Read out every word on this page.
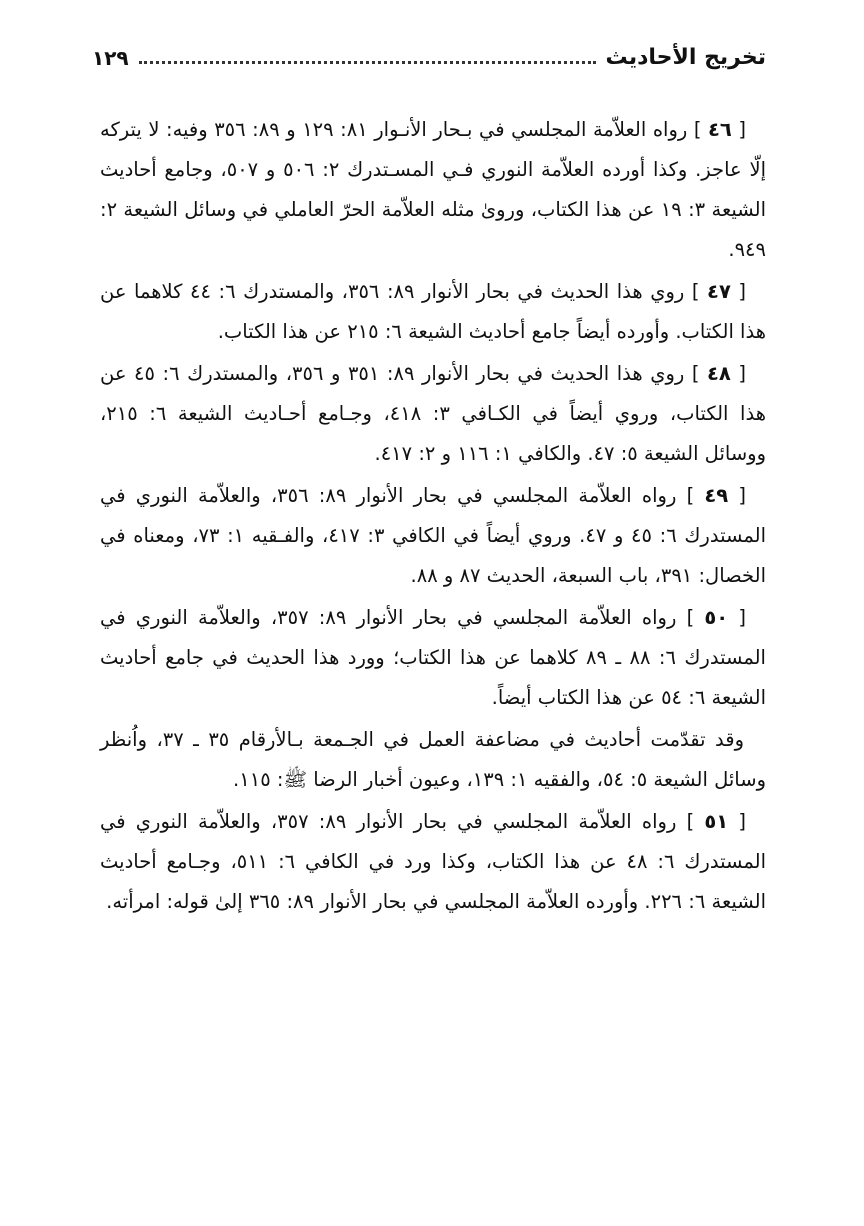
تخريج الأحاديث
١٢٩

[ ٤٦ ] رواه العلاّمة المجلسي في بـحار الأنـوار ٨١: ١٢٩ و ٨٩: ٣٥٦ وفيه: لا يتركه إلّا عاجز. وكذا أورده العلاّمة النوري فـي المسـتدرك ٢: ٥٠٦ و ٥٠٧، وجامع أحاديث الشيعة ٣: ١٩ عن هذا الكتاب، وروىٰ مثله العلاّمة الحرّ العاملي في وسائل الشيعة ٢: ٩٤٩.

[ ٤٧ ] روي هذا الحديث في بحار الأنوار ٨٩: ٣٥٦، والمستدرك ٦: ٤٤ كلاهما عن هذا الكتاب. وأورده أيضاً جامع أحاديث الشيعة ٦: ٢١٥ عن هذا الكتاب.

[ ٤٨ ] روي هذا الحديث في بحار الأنوار ٨٩: ٣٥١ و ٣٥٦، والمستدرك ٦: ٤٥ عن هذا الكتاب، وروي أيضاً في الكـافي ٣: ٤١٨، وجـامع أحـاديث الشيعة ٦: ٢١٥، ووسائل الشيعة ٥: ٤٧. والكافي ١: ١١٦ و ٢: ٤١٧.

[ ٤٩ ] رواه العلاّمة المجلسي في بحار الأنوار ٨٩: ٣٥٦، والعلاّمة النوري في المستدرك ٦: ٤٥ و ٤٧. وروي أيضاً في الكافي ٣: ٤١٧، والفـقيه ١: ٧٣، ومعناه في الخصال: ٣٩١، باب السبعة، الحديث ٨٧ و ٨٨.

[ ٥٠ ] رواه العلاّمة المجلسي في بحار الأنوار ٨٩: ٣٥٧، والعلاّمة النوري في المستدرك ٦: ٨٨ ـ ٨٩ كلاهما عن هذا الكتاب؛ وورد هذا الحديث في جامع أحاديث الشيعة ٦: ٥٤ عن هذا الكتاب أيضاً.

وقد تقدّمت أحاديث في مضاعفة العمل في الجـمعة بـالأرقام ٣٥ ـ ٣٧، واُنظر وسائل الشيعة ٥: ٥٤، والفقيه ١: ١٣٩، وعيون أخبار الرضا ﷺ: ١١٥.

[ ٥١ ] رواه العلاّمة المجلسي في بحار الأنوار ٨٩: ٣٥٧، والعلاّمة النوري في المستدرك ٦: ٤٨ عن هذا الكتاب، وكذا ورد في الكافي ٦: ٥١١، وجـامع أحاديث الشيعة ٦: ٢٢٦. وأورده العلاّمة المجلسي في بحار الأنوار ٨٩: ٣٦٥ إلىٰ قوله: امرأته.
